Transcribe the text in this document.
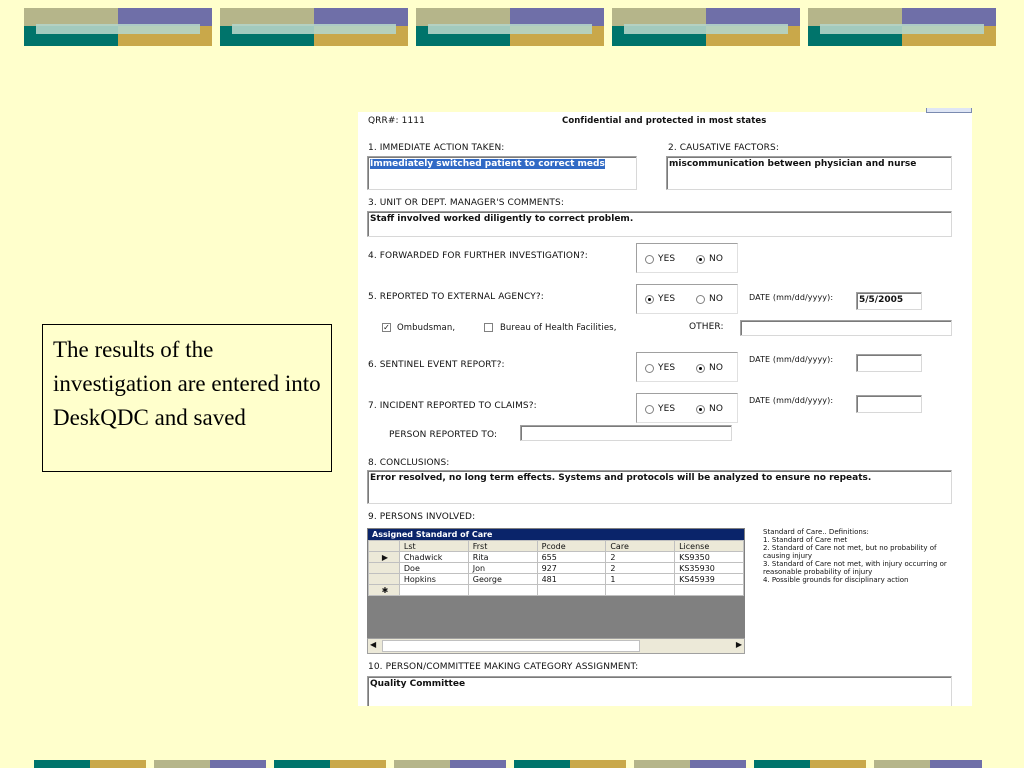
The results of the investigation are entered into DeskQDC and saved
QRR#: 1111	Confidential and protected in most states
1. IMMEDIATE ACTION TAKEN:
Immediately switched patient to correct meds
2. CAUSATIVE FACTORS:
miscommunication between physician and nurse
3. UNIT OR DEPT. MANAGER'S COMMENTS:
Staff involved worked diligently to correct problem.
4. FORWARDED FOR FURTHER INVESTIGATION?:	YES	NO
5. REPORTED TO EXTERNAL AGENCY?:	YES	NO	DATE (mm/dd/yyyy):	5/5/2005
✓ Ombudsman,	Bureau of Health Facilities,	OTHER:
6. SENTINEL EVENT REPORT?:	YES	NO
DATE (mm/dd/yyyy):
7. INCIDENT REPORTED TO CLAIMS?:	YES	NO
DATE (mm/dd/yyyy):
PERSON REPORTED TO:
8. CONCLUSIONS:
Error resolved, no long term effects. Systems and protocols will be analyzed to ensure no repeats.
9. PERSONS INVOLVED:
Assigned Standard of Care
	Lst	Frst	Pcode	Care	License
▶	Chadwick	Rita	655	2	KS9350
	Doe	Jon	927	2	KS35930
	Hopkins	George	481	1	KS45939
✱					
◀	▶
Standard of Care.. Definitions:
1. Standard of Care met
2. Standard of Care not met, but no probability of causing injury
3. Standard of Care not met, with injury occurring or reasonable probability of injury
4. Possible grounds for disciplinary action
10. PERSON/COMMITTEE MAKING CATEGORY ASSIGNMENT:
Quality Committee
